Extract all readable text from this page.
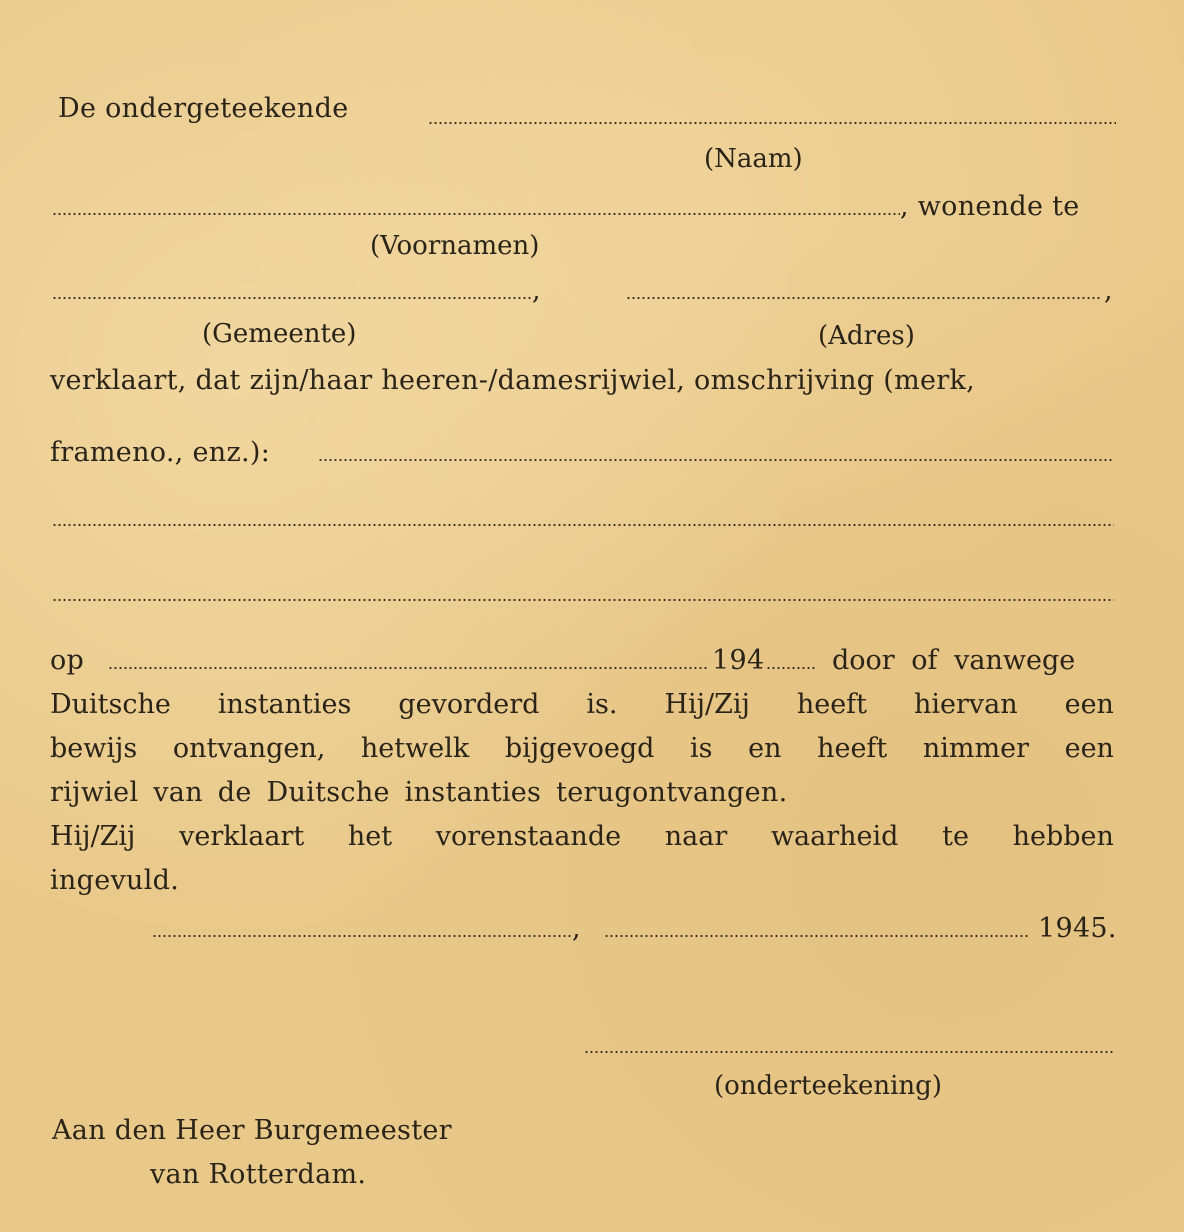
De ondergeteekende
(Naam)
, wonende te
(Voornamen)
,	,
(Gemeente)	(Adres)
verklaart, dat zijn/haar heeren-/damesrijwiel, omschrijving (merk,
frameno., enz.):
op	194	door of vanwege
Duitsche instanties gevorderd is. Hij/Zij heeft hiervan een
bewijs ontvangen, hetwelk bijgevoegd is en heeft nimmer een
rijwiel van de Duitsche instanties terugontvangen.
Hij/Zij verklaart het vorenstaande naar waarheid te hebben
ingevuld.
,	1945.
(onderteekening)
Aan den Heer Burgemeester
van Rotterdam.
